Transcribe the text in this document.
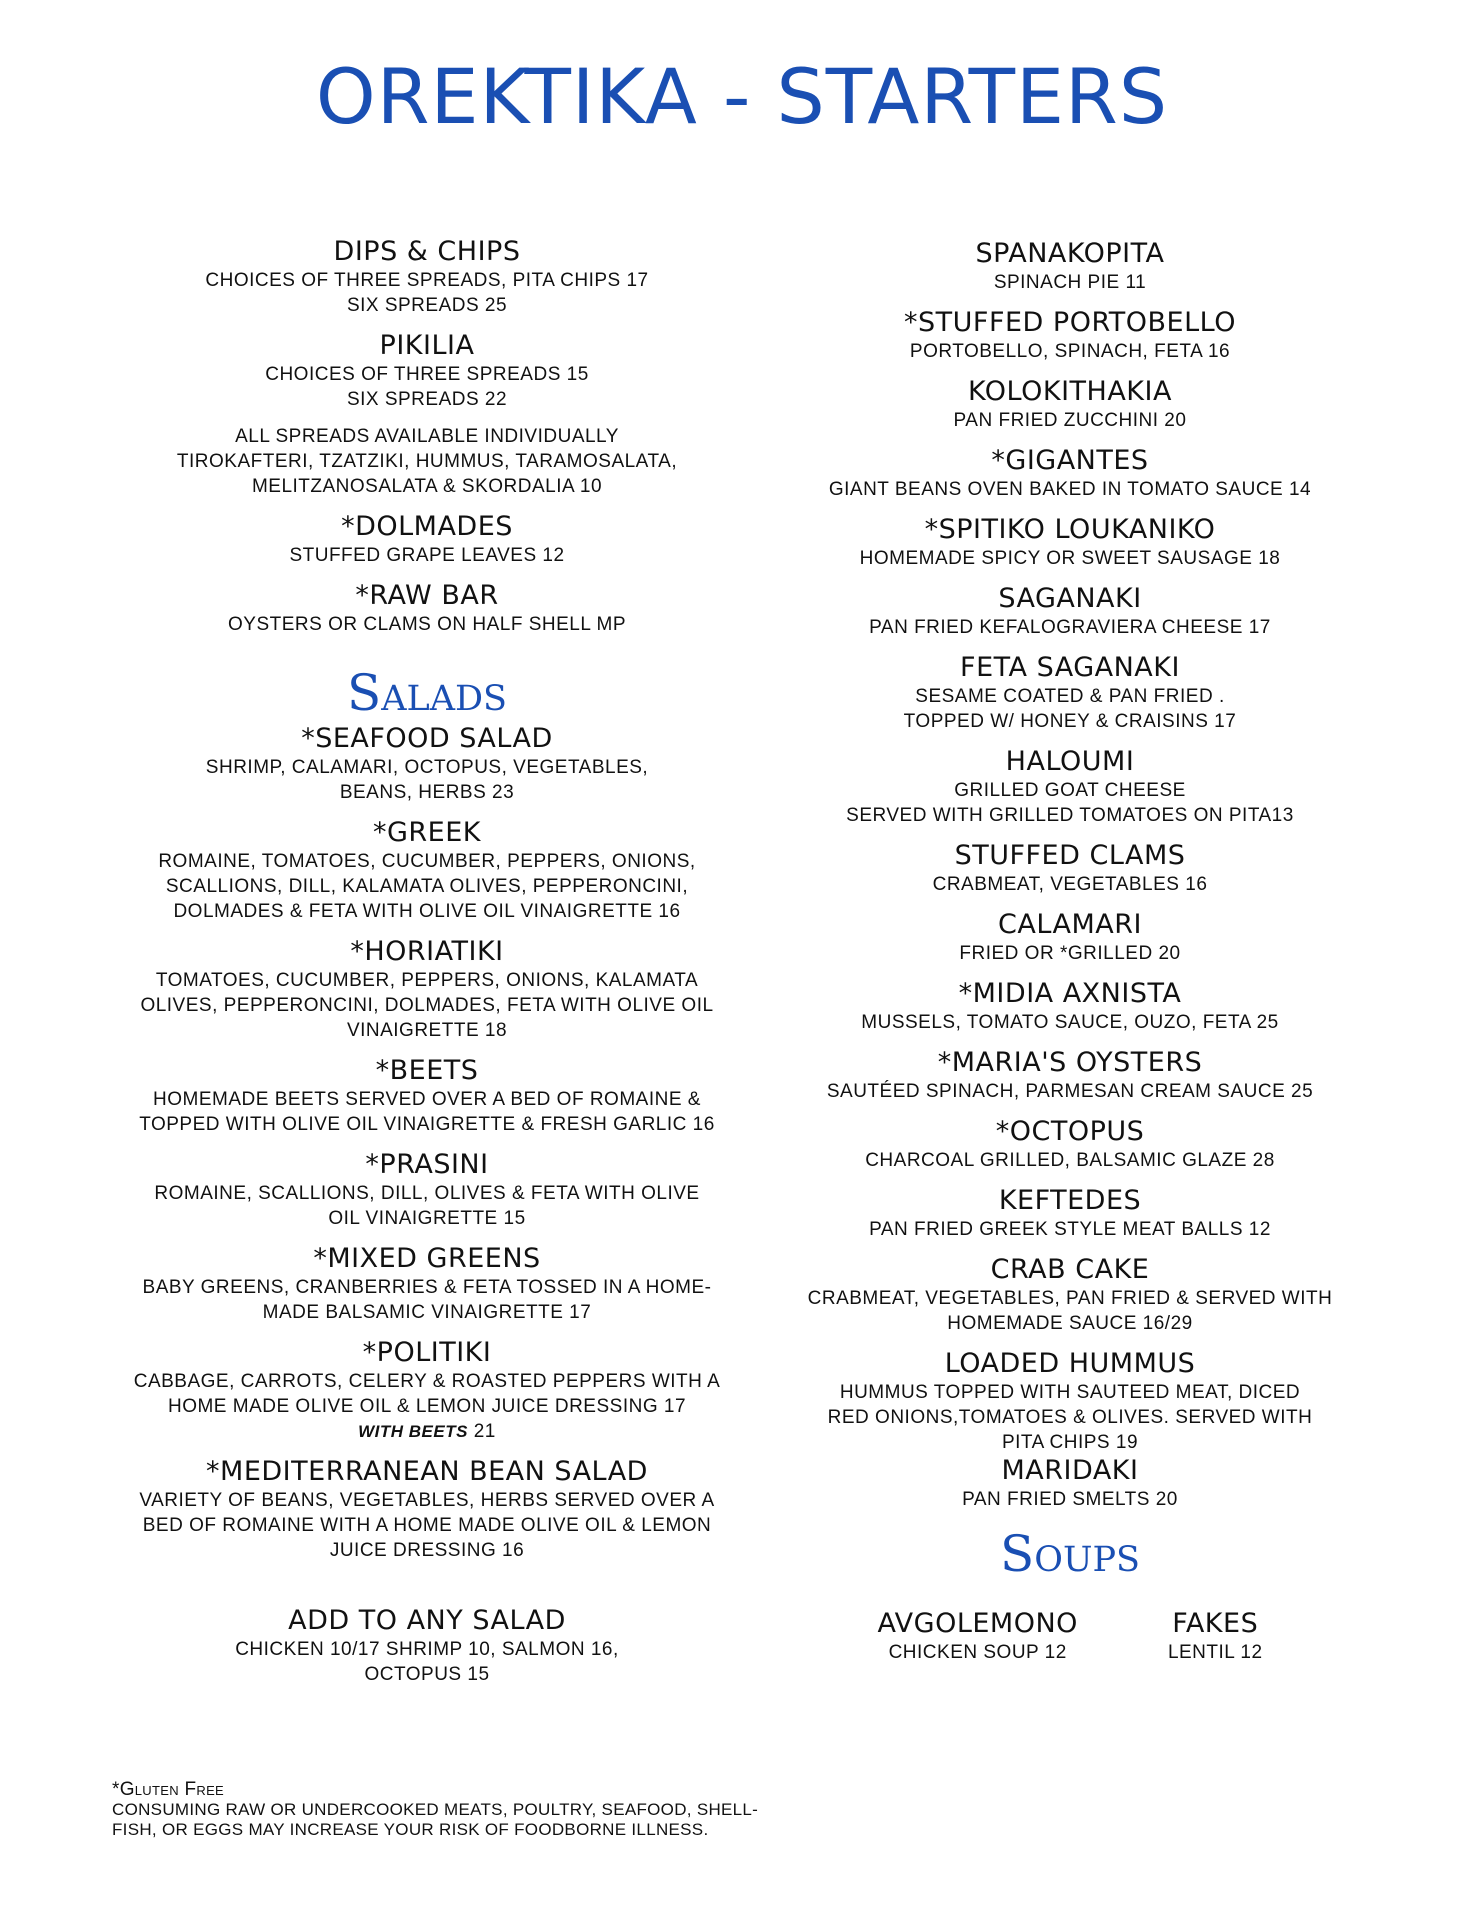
OREKTIKA - STARTERS
DIPS & CHIPS
CHOICES OF THREE SPREADS, PITA CHIPS 17
SIX SPREADS 25
PIKILIA
CHOICES OF THREE SPREADS 15
SIX SPREADS 22
ALL SPREADS AVAILABLE INDIVIDUALLY
TIROKAFTERI, TZATZIKI, HUMMUS, TARAMOSALATA,
MELITZANOSALATA & SKORDALIA 10
*DOLMADES
STUFFED GRAPE LEAVES 12
*RAW BAR
OYSTERS OR CLAMS ON HALF SHELL MP
Salads
*SEAFOOD SALAD
SHRIMP, CALAMARI, OCTOPUS, VEGETABLES,
BEANS, HERBS 23
*GREEK
ROMAINE, TOMATOES, CUCUMBER, PEPPERS, ONIONS,
SCALLIONS, DILL, KALAMATA OLIVES, PEPPERONCINI,
DOLMADES & FETA WITH OLIVE OIL VINAIGRETTE 16
*HORIATIKI
TOMATOES, CUCUMBER, PEPPERS, ONIONS, KALAMATA
OLIVES, PEPPERONCINI, DOLMADES, FETA WITH OLIVE OIL
VINAIGRETTE 18
*BEETS
HOMEMADE BEETS SERVED OVER A BED OF ROMAINE &
TOPPED WITH OLIVE OIL VINAIGRETTE & FRESH GARLIC 16
*PRASINI
ROMAINE, SCALLIONS, DILL, OLIVES & FETA WITH OLIVE
OIL VINAIGRETTE 15
*MIXED GREENS
BABY GREENS, CRANBERRIES & FETA TOSSED IN A HOME-
MADE BALSAMIC VINAIGRETTE 17
*POLITIKI
CABBAGE, CARROTS, CELERY & ROASTED PEPPERS WITH A
HOME MADE OLIVE OIL & LEMON JUICE DRESSING 17
WITH BEETS 21
*MEDITERRANEAN BEAN SALAD
VARIETY OF BEANS, VEGETABLES, HERBS SERVED OVER A
BED OF ROMAINE WITH A HOME MADE OLIVE OIL & LEMON
JUICE DRESSING 16
ADD TO ANY SALAD
CHICKEN 10/17 SHRIMP 10, SALMON 16,
OCTOPUS 15
SPANAKOPITA
SPINACH PIE 11
*STUFFED PORTOBELLO
PORTOBELLO, SPINACH, FETA 16
KOLOKITHAKIA
PAN FRIED ZUCCHINI 20
*GIGANTES
GIANT BEANS OVEN BAKED IN TOMATO SAUCE 14
*SPITIKO LOUKANIKO
HOMEMADE SPICY OR SWEET SAUSAGE 18
SAGANAKI
PAN FRIED KEFALOGRAVIERA CHEESE 17
FETA SAGANAKI
SESAME COATED & PAN FRIED .
TOPPED W/ HONEY & CRAISINS 17
HALOUMI
GRILLED GOAT CHEESE
SERVED WITH GRILLED TOMATOES ON PITA13
STUFFED CLAMS
CRABMEAT, VEGETABLES 16
CALAMARI
FRIED OR *GRILLED 20
*MIDIA AXNISTA
MUSSELS, TOMATO SAUCE, OUZO, FETA 25
*MARIA'S OYSTERS
SAUTÉED SPINACH, PARMESAN CREAM SAUCE 25
*OCTOPUS
CHARCOAL GRILLED, BALSAMIC GLAZE 28
KEFTEDES
PAN FRIED GREEK STYLE MEAT BALLS 12
CRAB CAKE
CRABMEAT, VEGETABLES, PAN FRIED & SERVED WITH
HOMEMADE SAUCE 16/29
LOADED HUMMUS
HUMMUS TOPPED WITH SAUTEED MEAT, DICED
RED ONIONS,TOMATOES & OLIVES. SERVED WITH
PITA CHIPS 19
MARIDAKI
PAN FRIED SMELTS 20
Soups
AVGOLEMONO
CHICKEN SOUP 12
FAKES
LENTIL 12
*Gluten Free
CONSUMING RAW OR UNDERCOOKED MEATS, POULTRY, SEAFOOD, SHELL-
FISH, OR EGGS MAY INCREASE YOUR RISK OF FOODBORNE ILLNESS.
